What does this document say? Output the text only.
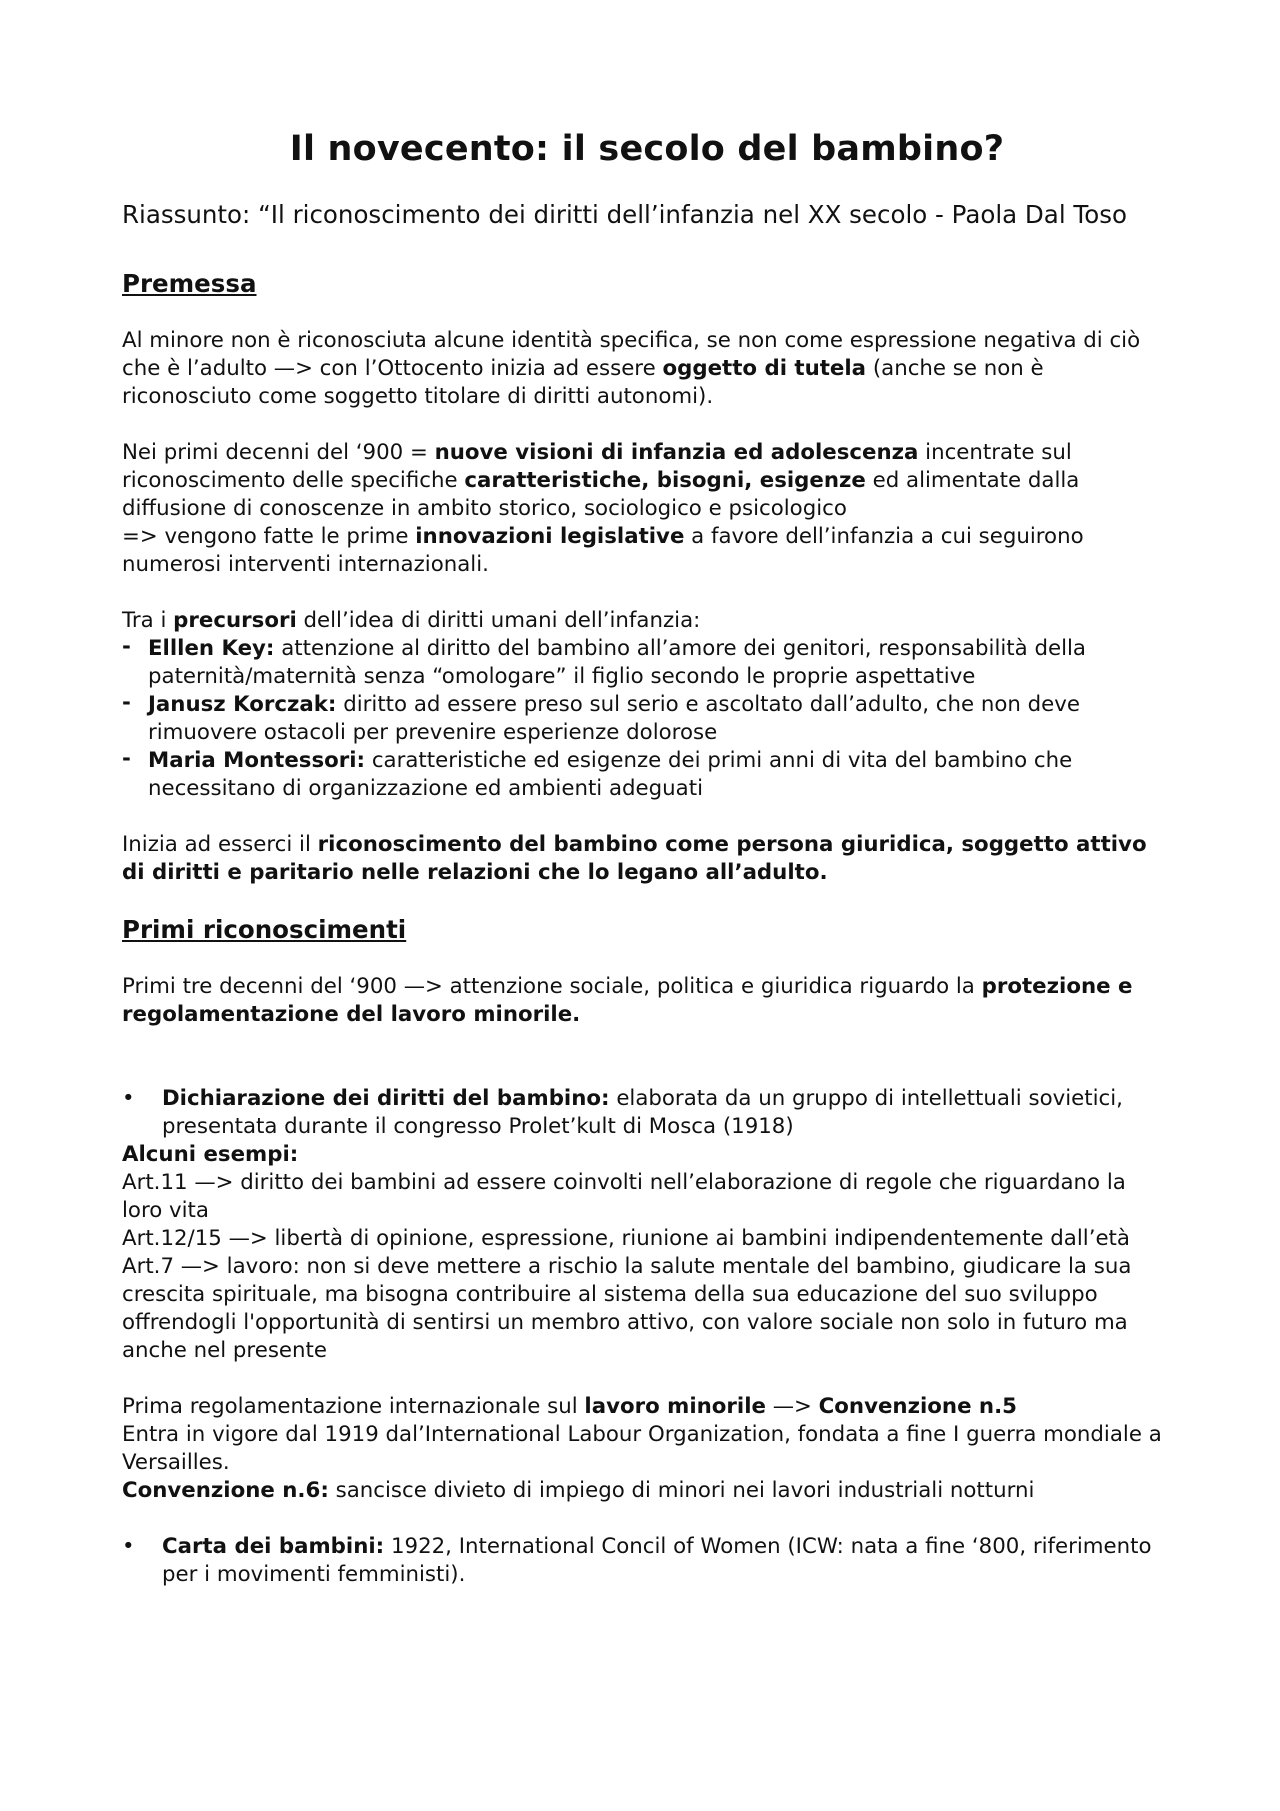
Il novecento: il secolo del bambino?
Riassunto: “Il riconoscimento dei diritti dell’infanzia nel XX secolo - Paola Dal Toso
Premessa
Al minore non è riconosciuta alcune identità specifica, se non come espressione negativa di ciò che è l’adulto —> con l’Ottocento inizia ad essere oggetto di tutela (anche se non è riconosciuto come soggetto titolare di diritti autonomi).
Nei primi decenni del ‘900 = nuove visioni di infanzia ed adolescenza incentrate sul riconoscimento delle specifiche caratteristiche, bisogni, esigenze ed alimentate dalla diffusione di conoscenze in ambito storico, sociologico e psicologico
=> vengono fatte le prime innovazioni legislative a favore dell’infanzia a cui seguirono numerosi interventi internazionali.
Tra i precursori dell’idea di diritti umani dell’infanzia:
- Elllen Key: attenzione al diritto del bambino all’amore dei genitori, responsabilità della paternità/maternità senza “omologare” il figlio secondo le proprie aspettative
- Janusz Korczak: diritto ad essere preso sul serio e ascoltato dall’adulto, che non deve rimuovere ostacoli per prevenire esperienze dolorose
- Maria Montessori: caratteristiche ed esigenze dei primi anni di vita del bambino che necessitano di organizzazione ed ambienti adeguati
Inizia ad esserci il riconoscimento del bambino come persona giuridica, soggetto attivo di diritti e paritario nelle relazioni che lo legano all’adulto.
Primi riconoscimenti
Primi tre decenni del ‘900 —> attenzione sociale, politica e giuridica riguardo la protezione e regolamentazione del lavoro minorile.
• Dichiarazione dei diritti del bambino: elaborata da un gruppo di intellettuali sovietici, presentata durante il congresso Prolet’kult di Mosca (1918)
Alcuni esempi:
Art.11 —> diritto dei bambini ad essere coinvolti nell’elaborazione di regole che riguardano la loro vita
Art.12/15 —> libertà di opinione, espressione, riunione ai bambini indipendentemente dall’età
Art.7 —> lavoro: non si deve mettere a rischio la salute mentale del bambino, giudicare la sua crescita spirituale, ma bisogna contribuire al sistema della sua educazione del suo sviluppo offrendogli l'opportunità di sentirsi un membro attivo, con valore sociale non solo in futuro ma anche nel presente
Prima regolamentazione internazionale sul lavoro minorile —> Convenzione n.5
Entra in vigore dal 1919 dal’International Labour Organization, fondata a fine I guerra mondiale a Versailles.
Convenzione n.6: sancisce divieto di impiego di minori nei lavori industriali notturni
• Carta dei bambini: 1922, International Concil of Women (ICW: nata a fine ‘800, riferimento per i movimenti femministi).
